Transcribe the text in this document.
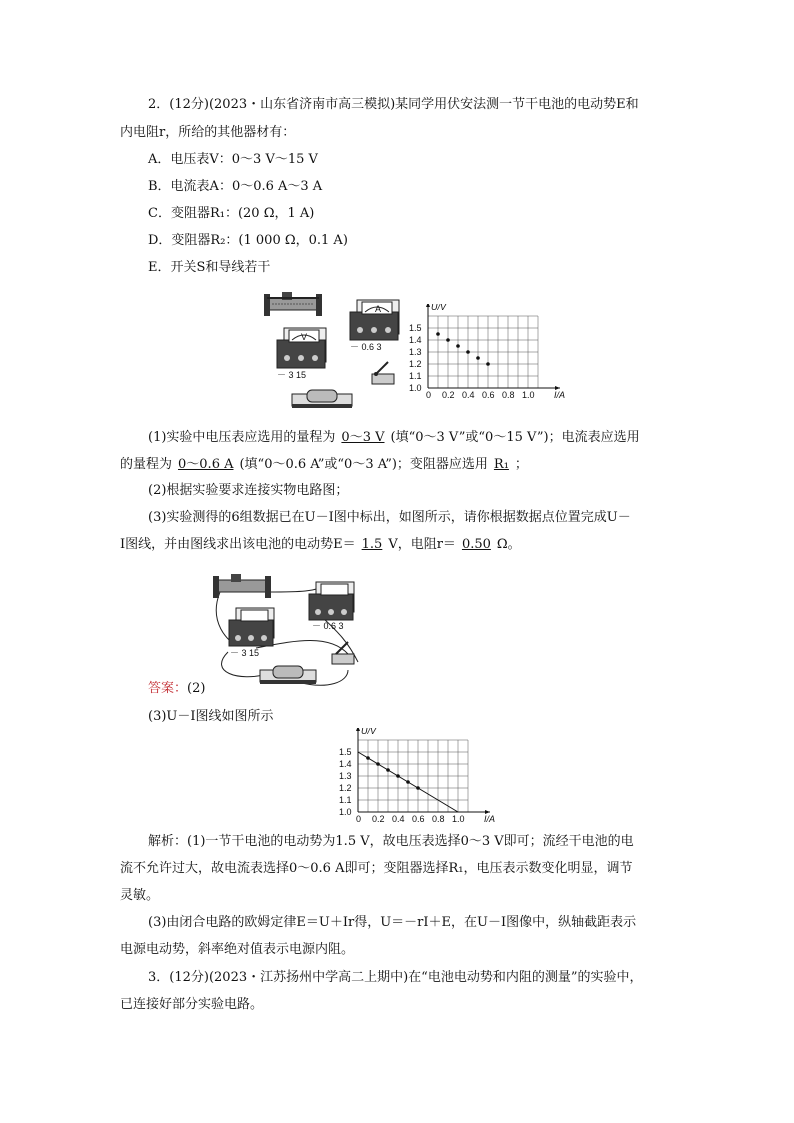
2．(12分)(2023・山东省济南市高三模拟)某同学用伏安法测一节干电池的电动势E和
内电阻r，所给的其他器材有：
A．电压表V：0～3 V～15 V
B．电流表A：0～0.6 A～3 A
C．变阻器R₁：(20 Ω，1 A)
D．变阻器R₂：(1 000 Ω，0.1 A)
E．开关S和导线若干
A
－ 0.6 3
V
－ 3 15
0 0.2 0.4 0.6 0.8 1.0
1.0
1.1
1.2
1.3
1.4
1.5
I/A
U/V
(1)实验中电压表应选用的量程为 0～3 V (填“0～3 V”或“0～15 V”)；电流表应选用
的量程为 0～0.6 A (填“0～0.6 A”或“0～3 A”)；变阻器应选用 R₁ ；
(2)根据实验要求连接实物电路图；
(3)实验测得的6组数据已在U－I图中标出，如图所示，请你根据数据点位置完成U－
I图线，并由图线求出该电池的电动势E＝ 1.5 V，电阻r＝ 0.50 Ω。
－ 0.6 3
－ 3 15
答案：(2)
(3)U－I图线如图所示
0 0.2 0.4 0.6 0.8 1.0
1.0
1.1
1.2
1.3
1.4
1.5
I/A
U/V
解析：(1)一节干电池的电动势为1.5 V，故电压表选择0～3 V即可；流经干电池的电
流不允许过大，故电流表选择0～0.6 A即可；变阻器选择R₁，电压表示数变化明显，调节
灵敏。
(3)由闭合电路的欧姆定律E＝U＋Ir得，U＝－rI＋E，在U－I图像中，纵轴截距表示
电源电动势，斜率绝对值表示电源内阻。
3．(12分)(2023・江苏扬州中学高二上期中)在“电池电动势和内阻的测量”的实验中，
已连接好部分实验电路。
